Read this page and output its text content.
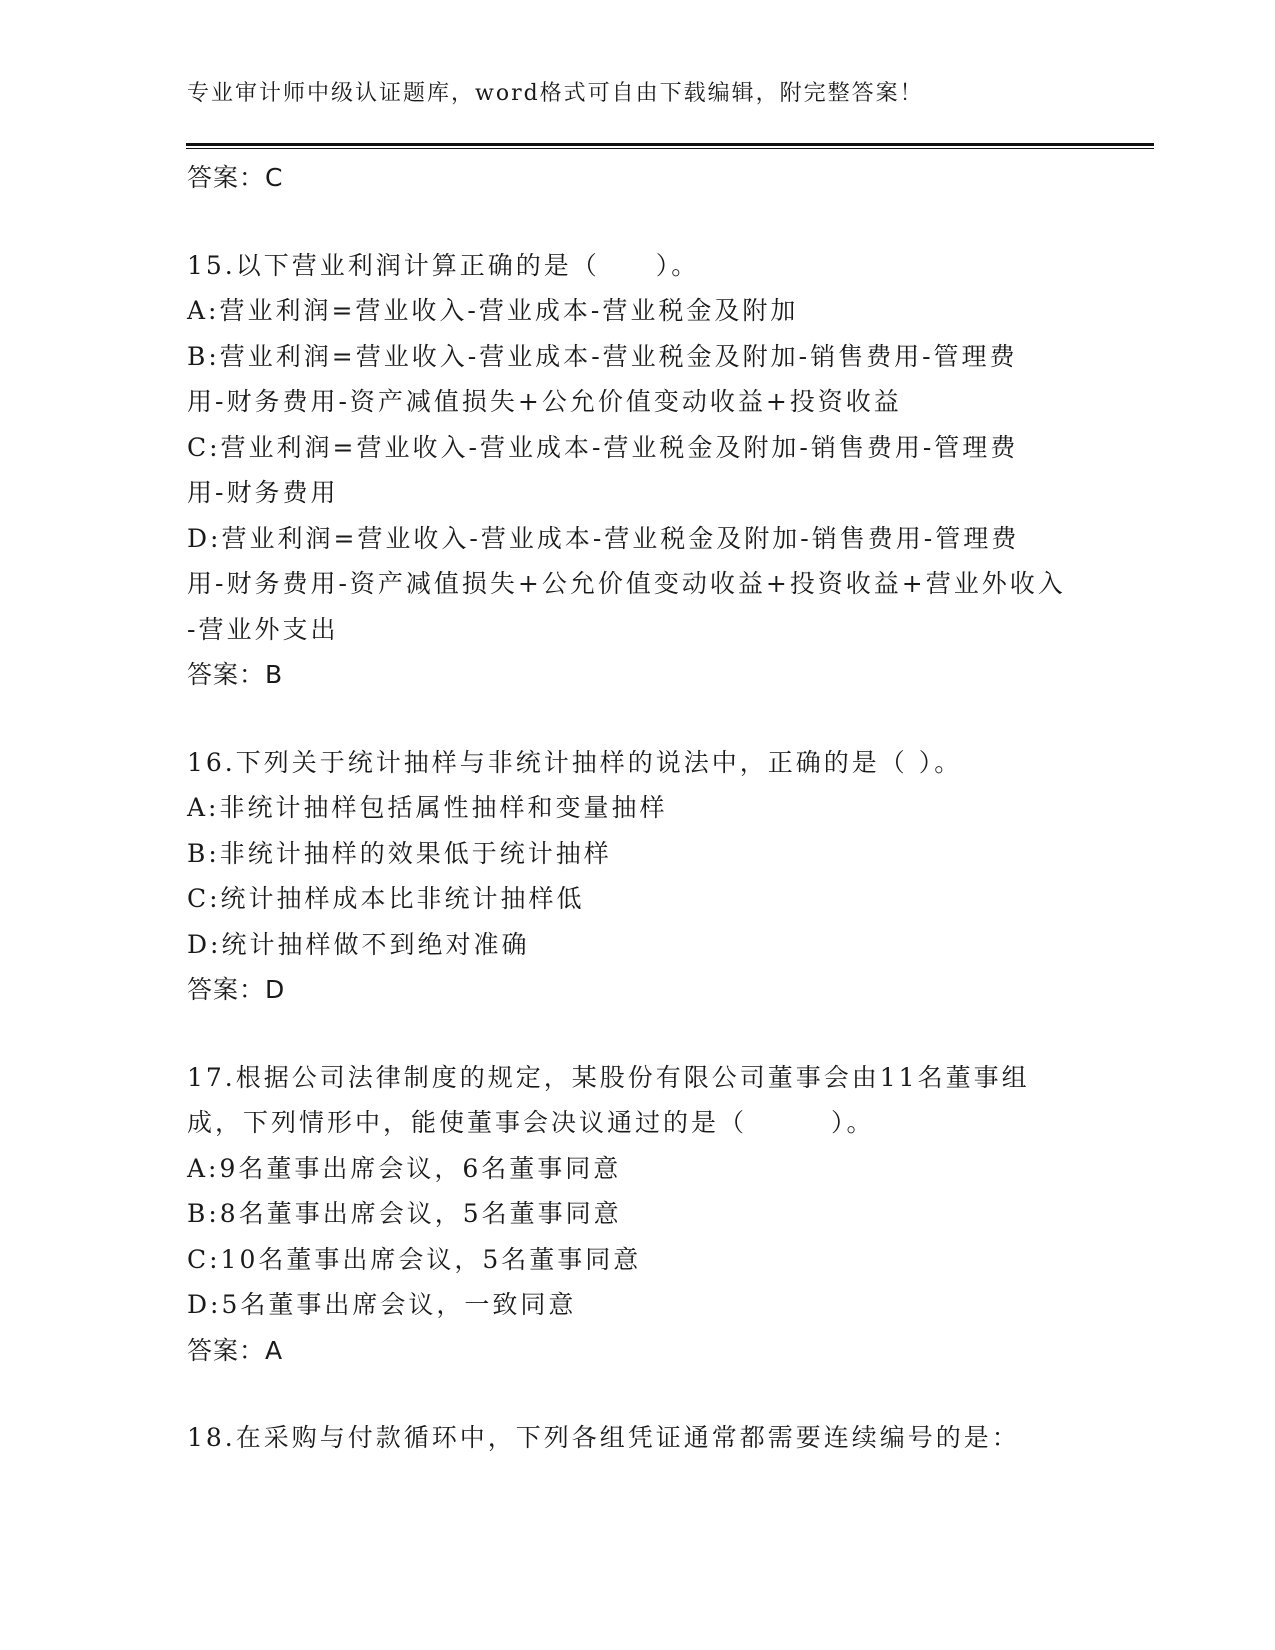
专业审计师中级认证题库，word格式可自由下载编辑，附完整答案！
答案：C
15.以下营业利润计算正确的是（　　）。
A:营业利润=营业收入-营业成本-营业税金及附加
B:营业利润=营业收入-营业成本-营业税金及附加-销售费用-管理费
用-财务费用-资产减值损失+公允价值变动收益+投资收益
C:营业利润=营业收入-营业成本-营业税金及附加-销售费用-管理费
用-财务费用
D:营业利润=营业收入-营业成本-营业税金及附加-销售费用-管理费
用-财务费用-资产减值损失+公允价值变动收益+投资收益+营业外收入
-营业外支出
答案：B
16.下列关于统计抽样与非统计抽样的说法中，正确的是（ ）。
A:非统计抽样包括属性抽样和变量抽样
B:非统计抽样的效果低于统计抽样
C:统计抽样成本比非统计抽样低
D:统计抽样做不到绝对准确
答案：D
17.根据公司法律制度的规定，某股份有限公司董事会由11名董事组
成，下列情形中，能使董事会决议通过的是（　　　）。
A:9名董事出席会议，6名董事同意
B:8名董事出席会议，5名董事同意
C:10名董事出席会议，5名董事同意
D:5名董事出席会议，一致同意
答案：A
18.在采购与付款循环中，下列各组凭证通常都需要连续编号的是：
